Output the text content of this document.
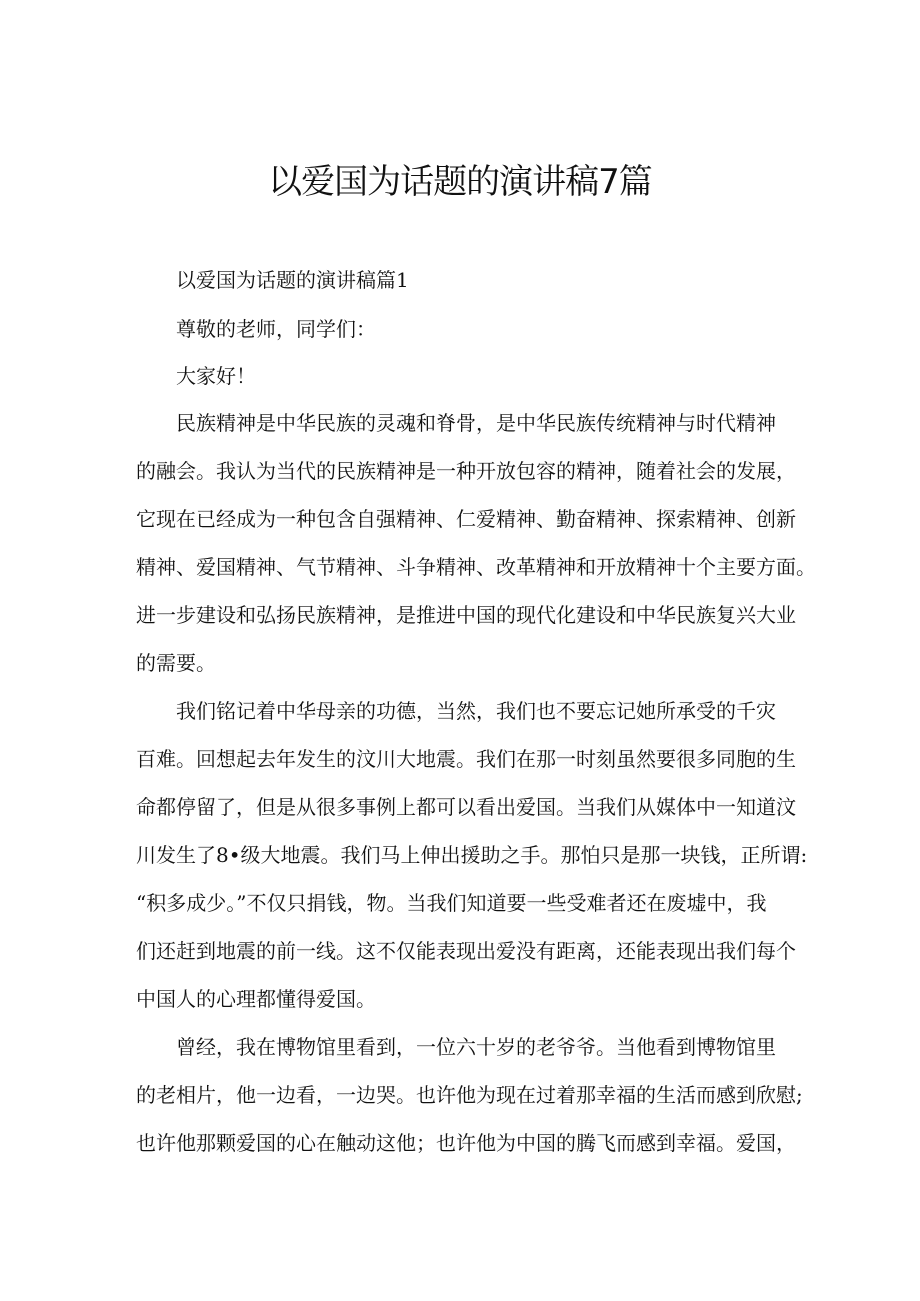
以爱国为话题的演讲稿7篇

以爱国为话题的演讲稿篇1

尊敬的老师，同学们：

大家好！

民族精神是中华民族的灵魂和脊骨，是中华民族传统精神与时代精神

的融会。我认为当代的民族精神是一种开放包容的精神，随着社会的发展，

它现在已经成为一种包含自强精神、仁爱精神、勤奋精神、探索精神、创新

精神、爱国精神、气节精神、斗争精神、改革精神和开放精神十个主要方面。

进一步建设和弘扬民族精神，是推进中国的现代化建设和中华民族复兴大业

的需要。

我们铭记着中华母亲的功德，当然，我们也不要忘记她所承受的千灾

百难。回想起去年发生的汶川大地震。我们在那一时刻虽然要很多同胞的生

命都停留了，但是从很多事例上都可以看出爱国。当我们从媒体中一知道汶

川发生了8•级大地震。我们马上伸出援助之手。那怕只是那一块钱，正所谓:

“积多成少。”不仅只捐钱，物。当我们知道要一些受难者还在废墟中，我

们还赶到地震的前一线。这不仅能表现出爱没有距离，还能表现出我们每个

中国人的心理都懂得爱国。

曾经，我在博物馆里看到，一位六十岁的老爷爷。当他看到博物馆里

的老相片，他一边看，一边哭。也许他为现在过着那幸福的生活而感到欣慰;

也许他那颗爱国的心在触动这他；也许他为中国的腾飞而感到幸福。爱国，
